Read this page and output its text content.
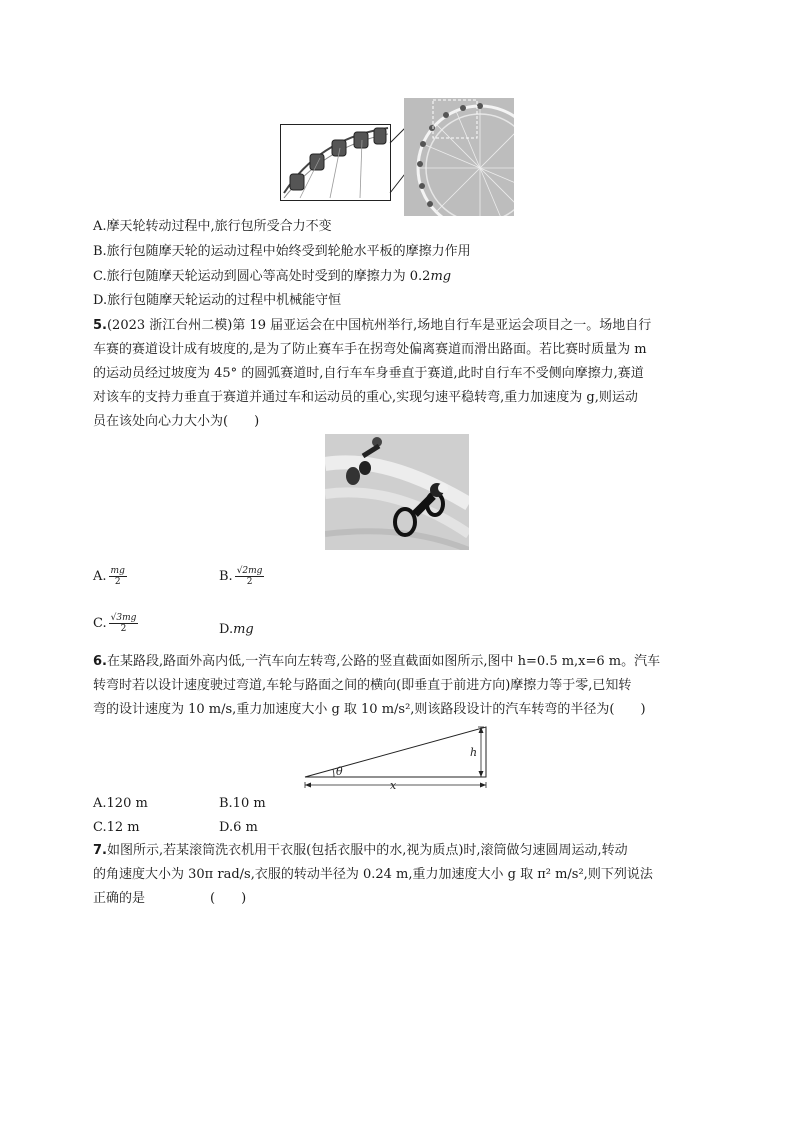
A.摩天轮转动过程中,旅行包所受合力不变
B.旅行包随摩天轮的运动过程中始终受到轮舱水平板的摩擦力作用
C.旅行包随摩天轮运动到圆心等高处时受到的摩擦力为 0.2mg
D.旅行包随摩天轮运动的过程中机械能守恒
5.(2023 浙江台州二模)第 19 届亚运会在中国杭州举行,场地自行车是亚运会项目之一。场地自行
车赛的赛道设计成有坡度的,是为了防止赛车手在拐弯处偏离赛道而滑出路面。若比赛时质量为 m
的运动员经过坡度为 45° 的圆弧赛道时,自行车车身垂直于赛道,此时自行车不受侧向摩擦力,赛道
对该车的支持力垂直于赛道并通过车和运动员的重心,实现匀速平稳转弯,重力加速度为 g,则运动
员在该处向心力大小为(　　)
A. $\frac{mg}{2}$	B. $\frac{√2mg}{2}$
C. $\frac{√3mg}{2}$	D.mg
6.在某路段,路面外高内低,一汽车向左转弯,公路的竖直截面如图所示,图中 h=0.5 m,x=6 m。汽车
转弯时若以设计速度驶过弯道,车轮与路面之间的横向(即垂直于前进方向)摩擦力等于零,已知转
弯的设计速度为 10 m/s,重力加速度大小 g 取 10 m/s²,则该路段设计的汽车转弯的半径为(　　)
θ
h
x
A.120 m	B.10 m
C.12 m	D.6 m
7.如图所示,若某滚筒洗衣机用干衣服(包括衣服中的水,视为质点)时,滚筒做匀速圆周运动,转动
的角速度大小为 30π rad/s,衣服的转动半径为 0.24 m,重力加速度大小 g 取 π² m/s²,则下列说法
正确的是　　　　　(　　)
